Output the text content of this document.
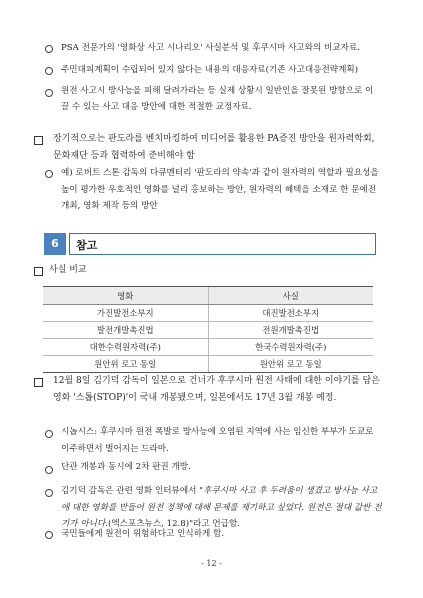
PSA 전문가의 '영화상 사고 시나리오' 사실분석 및 후쿠시마 사고와의 비교자료.
주민대피계획이 수립되어 있지 않다는 내용의 대응자료(기존 사고대응전략계획)
원전 사고시 방사능을 피해 달려가라는 등 실제 상황시 일반인을 잘못된 방향으로 이끌 수 있는 사고 대응 방안에 대한 적절한 교정자료.
장기적으로는 판도라를 벤치마킹하여 미디어를 활용한 PA증진 방안을 원자력학회, 문화재단 등과 협력하여 준비해야 함
예) 로버트 스톤 감독의 다큐멘터리 '판도라의 약속'과 같이 원자력의 역할과 필요성을 높이 평가한 우호적인 영화를 널리 홍보하는 방안, 원자력의 혜택을 소재로 한 문예전 개최, 영화 제작 등의 방안
6	참고
사실 비교
영화	사실
가진발전소부지	대진발전소부지
발전개발촉진법	전원개발촉진법
대한수력원자력(주)	한국수력원자력(주)
원안위 로고 동일	원안위 로고 동일
12월 8일 김기덕 감독이 일본으로 건너가 후쿠시마 원전 사태에 대한 이야기를 담은 영화 '스톱(STOP)'이 국내 개봉됐으며, 일본에서도 17년 3월 개봉 예정.
시놉시스: 후쿠시마 원전 폭발로 방사능에 오염된 지역에 사는 임신한 부부가 도쿄로 이주하면서 벌어지는 드라마.
단관 개봉과 동시에 2차 판권 개방.
김기덕 감독은 관련 영화 인터뷰에서 "후쿠시마 사고 후 두려움이 생겼고 방사능 사고에 대한 영화를 만들어 원전 정책에 대해 문제를 제기하고 싶었다. 원전은 절대 값싼 전기가 아니다.(엑스포츠뉴스, 12.8)"라고 언급함.
국민들에게 원전이 위험하다고 인식하게 함.
- 12 -
